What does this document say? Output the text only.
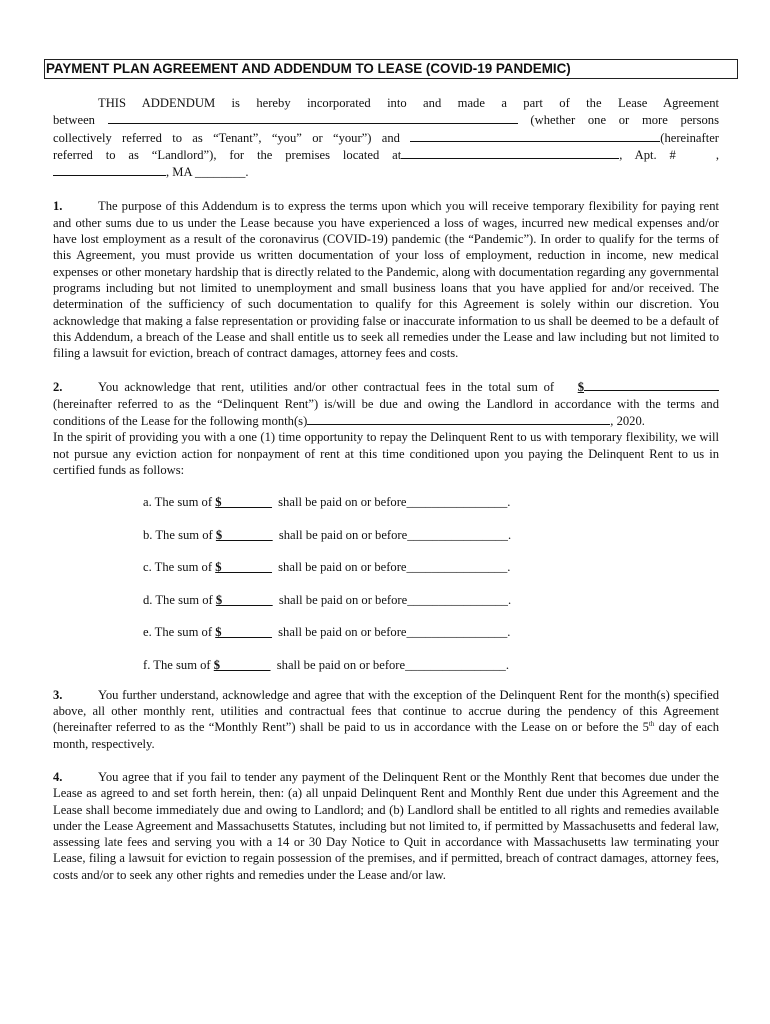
PAYMENT PLAN AGREEMENT AND ADDENDUM TO LEASE (COVID-19 PANDEMIC)

THIS ADDENDUM is hereby incorporated into and made a part of the Lease Agreement

between	(whether one or more persons

collectively referred to as “Tenant”, “you” or “your”) and	(hereinafter

referred to as “Landlord”), for the premises located at	, Apt. #	,

, MA ________.

1.	The purpose of this Addendum is to express the terms upon which you will receive temporary flexibility for paying rent and other sums due to us under the Lease because you have experienced a loss of wages, incurred new medical expenses and/or have lost employment as a result of the coronavirus (COVID-19) pandemic (the “Pandemic”). In order to qualify for the terms of this Agreement, you must provide us written documentation of your loss of employment, reduction in income, new medical expenses or other monetary hardship that is directly related to the Pandemic, along with documentation regarding any governmental programs including but not limited to unemployment and small business loans that you have applied for and/or received. The determination of the sufficiency of such documentation to qualify for this Agreement is solely within our discretion. You acknowledge that making a false representation or providing false or inaccurate information to us shall be deemed to be a default of this Addendum, a breach of the Lease and shall entitle us to seek all remedies under the Lease and law including but not limited to filing a lawsuit for eviction, breach of contract damages, attorney fees and costs.

2.	You acknowledge that rent, utilities and/or other contractual fees in the total sum of $

(hereinafter referred to as the “Delinquent Rent”) is/will be due and owing the Landlord in accordance with the terms and conditions of the Lease for the following month(s)	, 2020.

In the spirit of providing you with a one (1) time opportunity to repay the Delinquent Rent to us with temporary flexibility, we will not pursue any eviction action for nonpayment of rent at this time conditioned upon you paying the Delinquent Rent to us in certified funds as follows:

a. The sum of $________ shall be paid on or before________________.
b. The sum of $________ shall be paid on or before________________.
c. The sum of $________ shall be paid on or before________________.
d. The sum of $________ shall be paid on or before________________.
e. The sum of $________ shall be paid on or before________________.
f. The sum of $________ shall be paid on or before________________.

3.	You further understand, acknowledge and agree that with the exception of the Delinquent Rent for the month(s) specified above, all other monthly rent, utilities and contractual fees that continue to accrue during the pendency of this Agreement (hereinafter referred to as the “Monthly Rent”) shall be paid to us in accordance with the Lease on or before the 5th day of each month, respectively.

4.	You agree that if you fail to tender any payment of the Delinquent Rent or the Monthly Rent that becomes due under the Lease as agreed to and set forth herein, then: (a) all unpaid Delinquent Rent and Monthly Rent due under this Agreement and the Lease shall become immediately due and owing to Landlord; and (b) Landlord shall be entitled to all rights and remedies available under the Lease Agreement and Massachusetts Statutes, including but not limited to, if permitted by Massachusetts and federal law, assessing late fees and serving you with a 14 or 30 Day Notice to Quit in accordance with Massachusetts law terminating your Lease, filing a lawsuit for eviction to regain possession of the premises, and if permitted, breach of contract damages, attorney fees, costs and/or to seek any other rights and remedies under the Lease and/or law.
